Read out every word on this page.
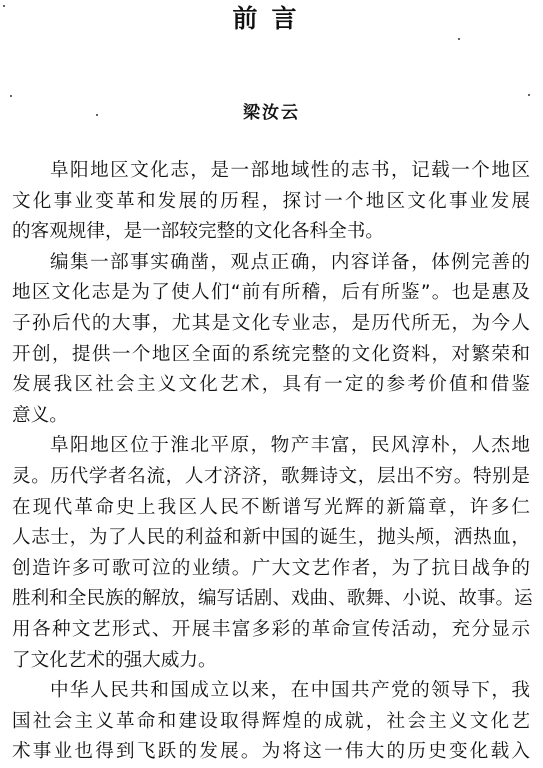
前言
梁汝云
阜阳地区文化志，是一部地域性的志书，记载一个地区
文化事业变革和发展的历程，探讨一个地区文化事业发展
的客观规律，是一部较完整的文化各科全书。
编集一部事实确凿，观点正确，内容详备，体例完善的
地区文化志是为了使人们“前有所稽，后有所鉴”。也是惠及
子孙后代的大事，尤其是文化专业志，是历代所无，为今人
开创，提供一个地区全面的系统完整的文化资料，对繁荣和
发展我区社会主义文化艺术，具有一定的参考价值和借鉴
意义。
阜阳地区位于淮北平原，物产丰富，民风淳朴，人杰地
灵。历代学者名流，人才济济，歌舞诗文，层出不穷。特别是
在现代革命史上我区人民不断谱写光辉的新篇章，许多仁
人志士，为了人民的利益和新中国的诞生，抛头颅，洒热血，
创造许多可歌可泣的业绩。广大文艺作者，为了抗日战争的
胜利和全民族的解放，编写话剧、戏曲、歌舞、小说、故事。运
用各种文艺形式、开展丰富多彩的革命宣传活动，充分显示
了文化艺术的强大威力。
中华人民共和国成立以来，在中国共产党的领导下，我
国社会主义革命和建设取得辉煌的成就，社会主义文化艺
术事业也得到飞跃的发展。为将这一伟大的历史变化载入
